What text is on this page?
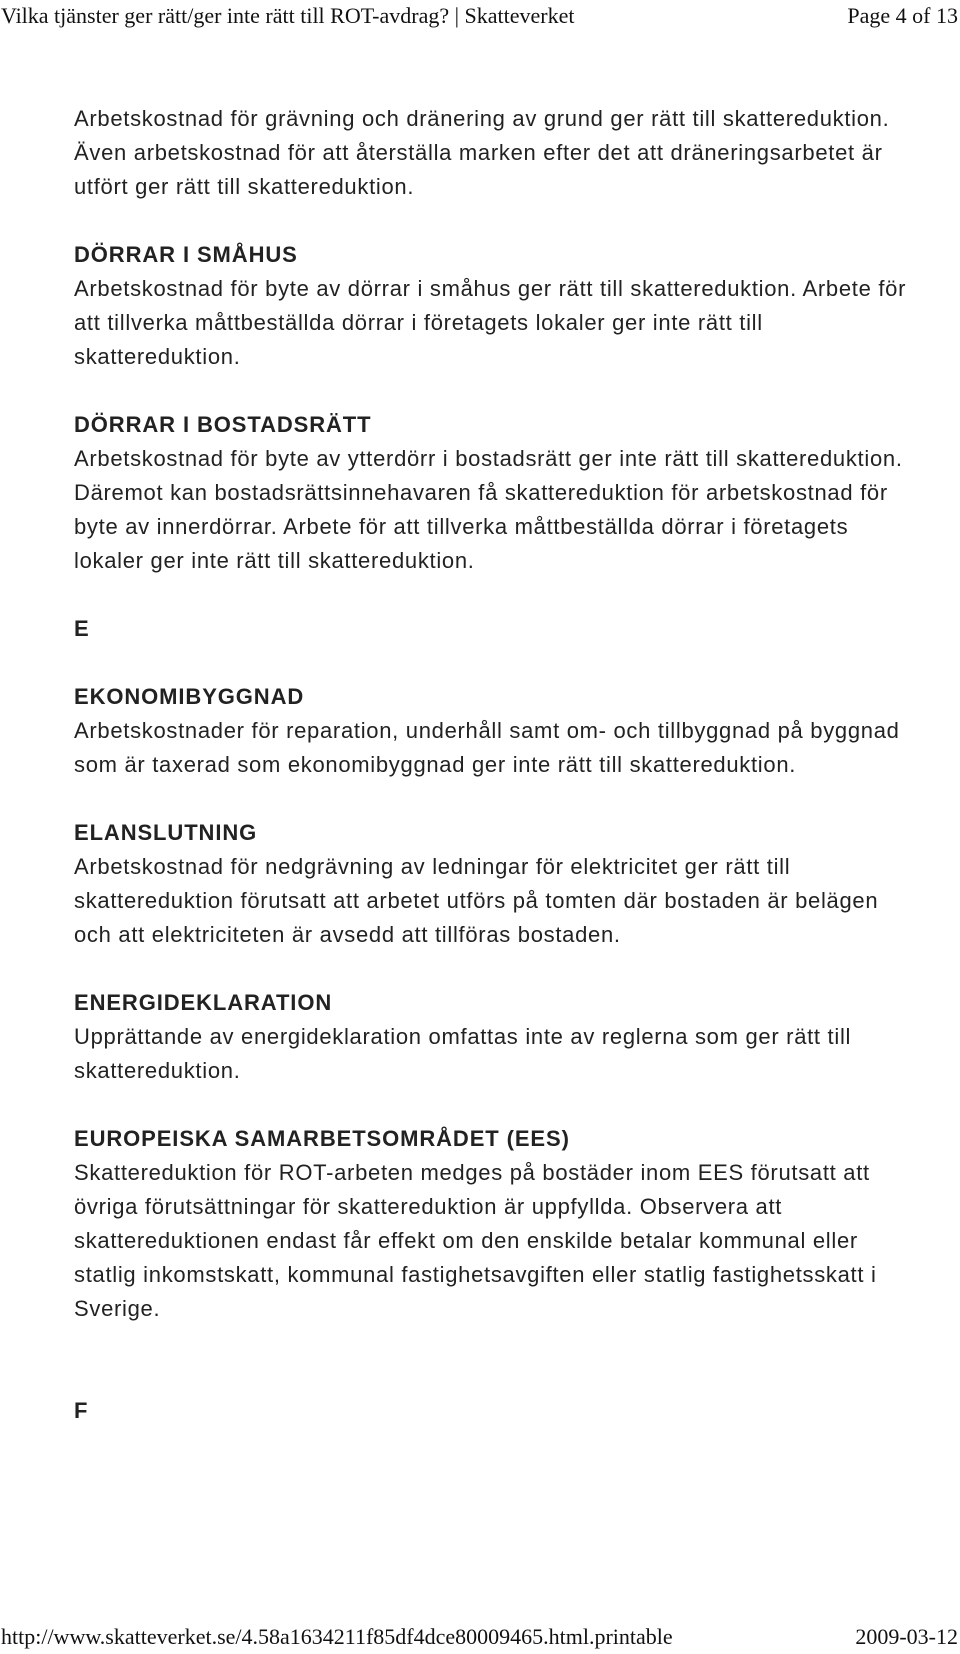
Vilka tjänster ger rätt/ger inte rätt till ROT-avdrag? | Skatteverket	Page 4 of 13

Arbetskostnad för grävning och dränering av grund ger rätt till skattereduktion. Även arbetskostnad för att återställa marken efter det att dräneringsarbetet är utfört ger rätt till skattereduktion.

DÖRRAR I SMÅHUS

Arbetskostnad för byte av dörrar i småhus ger rätt till skattereduktion. Arbete för att tillverka måttbeställda dörrar i företagets lokaler ger inte rätt till skattereduktion.

DÖRRAR I BOSTADSRÄTT

Arbetskostnad för byte av ytterdörr i bostadsrätt ger inte rätt till skattereduktion. Däremot kan bostadsrättsinnehavaren få skattereduktion för arbetskostnad för byte av innerdörrar. Arbete för att tillverka måttbeställda dörrar i företagets lokaler ger inte rätt till skattereduktion.

E
EKONOMIBYGGNAD

Arbetskostnader för reparation, underhåll samt om- och tillbyggnad på byggnad som är taxerad som ekonomibyggnad ger inte rätt till skattereduktion.

ELANSLUTNING

Arbetskostnad för nedgrävning av ledningar för elektricitet ger rätt till skattereduktion förutsatt att arbetet utförs på tomten där bostaden är belägen och att elektriciteten är avsedd att tillföras bostaden.

ENERGIDEKLARATION

Upprättande av energideklaration omfattas inte av reglerna som ger rätt till skattereduktion.

EUROPEISKA SAMARBETSOMRÅDET (EES)

Skattereduktion för ROT-arbeten medges på bostäder inom EES förutsatt att övriga förutsättningar för skattereduktion är uppfyllda. Observera att skattereduktionen endast får effekt om den enskilde betalar kommunal eller statlig inkomstskatt, kommunal fastighetsavgiften eller statlig fastighetsskatt i Sverige.

F
http://www.skatteverket.se/4.58a1634211f85df4dce80009465.html.printable	2009-03-12
